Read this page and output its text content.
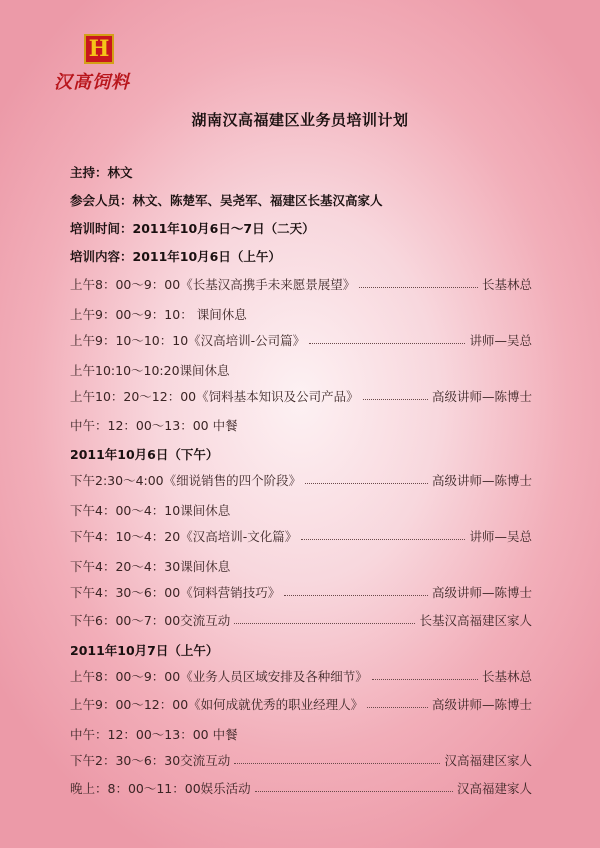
H
汉高饲料
湖南汉高福建区业务员培训计划
主持：林文
参会人员：林文、陈楚军、吴尧军、福建区长基汉高家人
培训时间：2011年10月6日～7日（二天）
培训内容：2011年10月6日（上午）
上午8：00～9：00《长基汉高携手未来愿景展望》	长基林总
上午9：00～9：10： 课间休息
上午9：10～10：10《汉高培训-公司篇》	讲师—吴总
上午10:10～10:20课间休息
上午10：20～12：00《饲料基本知识及公司产品》	高级讲师—陈博士
中午：12：00～13：00 中餐
2011年10月6日（下午）
下午2:30～4:00《细说销售的四个阶段》	高级讲师—陈博士
下午4：00～4：10课间休息
下午4：10～4：20《汉高培训-文化篇》	讲师—吴总
下午4：20～4：30课间休息
下午4：30～6：00《饲料营销技巧》	高级讲师—陈博士
下午6：00～7：00交流互动	长基汉高福建区家人
2011年10月7日（上午）
上午8：00～9：00《业务人员区域安排及各种细节》	长基林总
上午9：00～12：00《如何成就优秀的职业经理人》	高级讲师—陈博士
中午：12：00～13：00 中餐
下午2：30～6：30交流互动	汉高福建区家人
晚上：8：00～11：00娱乐活动	汉高福建家人
